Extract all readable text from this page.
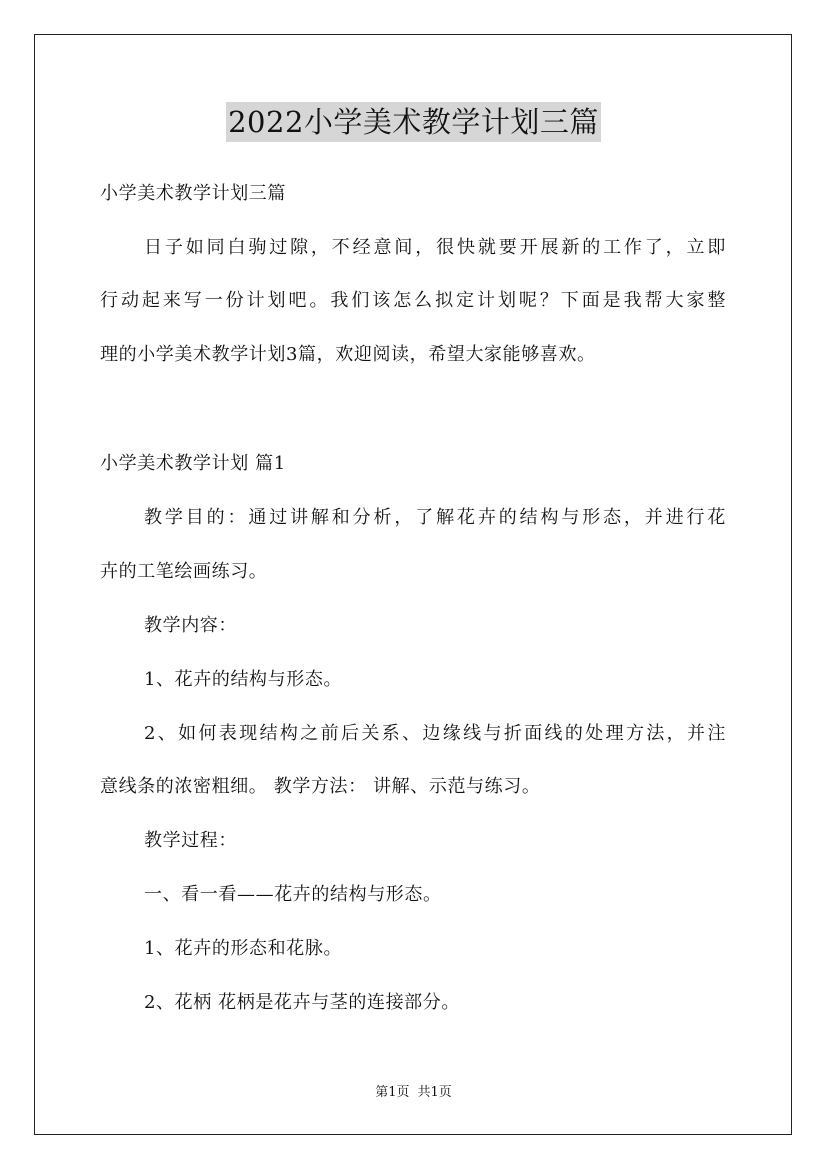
2022小学美术教学计划三篇
小学美术教学计划三篇
日子如同白驹过隙，不经意间，很快就要开展新的工作了，立即
行动起来写一份计划吧。我们该怎么拟定计划呢？下面是我帮大家整
理的小学美术教学计划3篇，欢迎阅读，希望大家能够喜欢。
小学美术教学计划 篇1
教学目的：通过讲解和分析，了解花卉的结构与形态，并进行花
卉的工笔绘画练习。
教学内容：
1、花卉的结构与形态。
2、如何表现结构之前后关系、边缘线与折面线的处理方法，并注
意线条的浓密粗细。 教学方法： 讲解、示范与练习。
教学过程：
一、看一看——花卉的结构与形态。
1、花卉的形态和花脉。
2、花柄 花柄是花卉与茎的连接部分。
第1页 共1页
